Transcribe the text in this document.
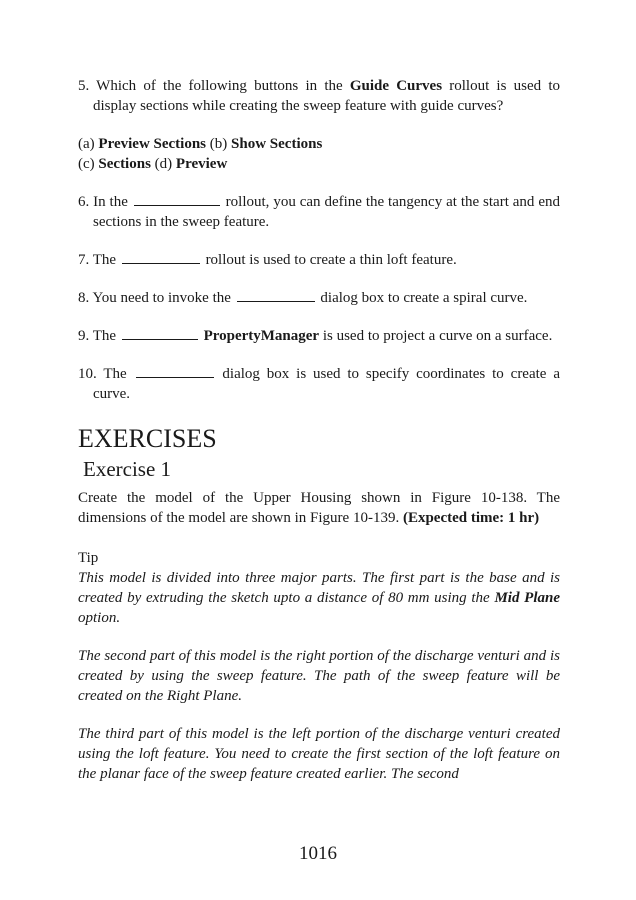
5. Which of the following buttons in the Guide Curves rollout is used to display sections while creating the sweep feature with guide curves?

(a) Preview Sections (b) Show Sections

(c) Sections (d) Preview

6. In the	rollout, you can define the tangency at the start and end sections in the sweep feature.

7. The	rollout is used to create a thin loft feature.

8. You need to invoke the	dialog box to create a spiral curve.

9. The	PropertyManager is used to project a curve on a surface.

10. The	dialog box is used to specify coordinates to create a curve.

EXERCISES
Exercise 1

Create the model of the Upper Housing shown in Figure 10-138. The dimensions of the model are shown in Figure 10-139. (Expected time: 1 hr)

Tip

This model is divided into three major parts. The first part is the base and is created by extruding the sketch upto a distance of 80 mm using the Mid Plane option.

The second part of this model is the right portion of the discharge venturi and is created by using the sweep feature. The path of the sweep feature will be created on the Right Plane.

The third part of this model is the left portion of the discharge venturi created using the loft feature. You need to create the first section of the loft feature on the planar face of the sweep feature created earlier. The second

1016
